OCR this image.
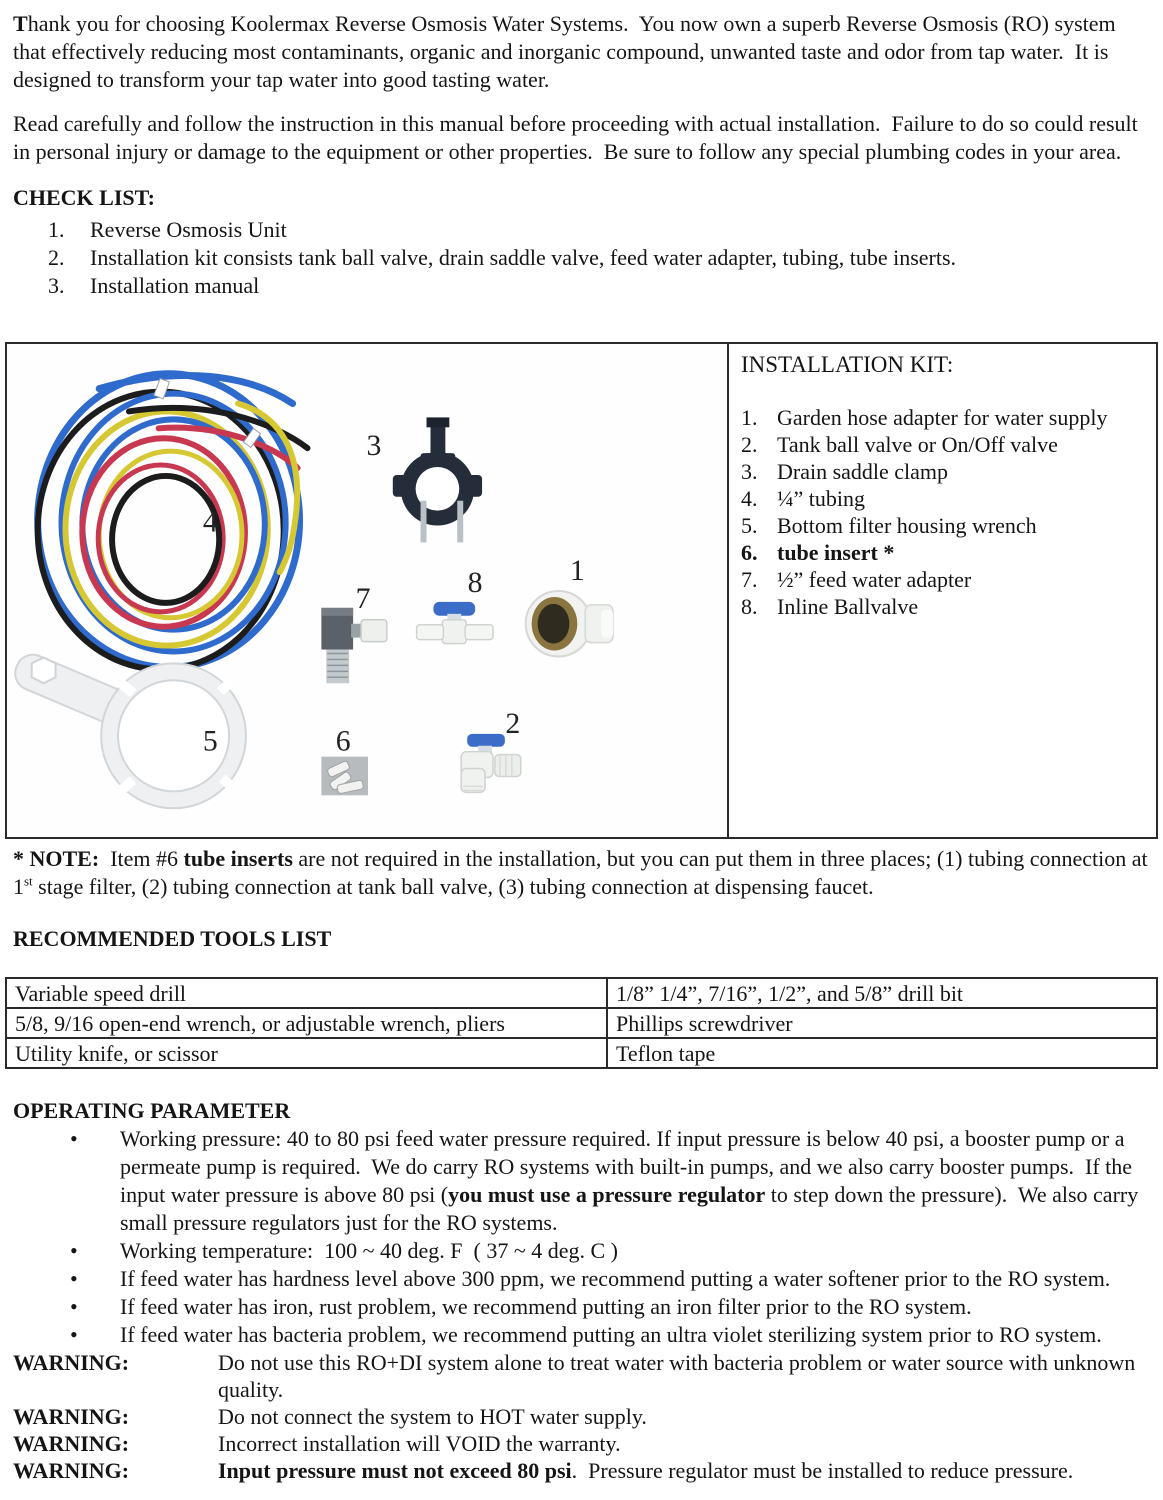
Thank you for choosing Koolermax Reverse Osmosis Water Systems.  You now own a superb Reverse Osmosis (RO) system that effectively reducing most contaminants, organic and inorganic compound, unwanted taste and odor from tap water.  It is designed to transform your tap water into good tasting water.

Read carefully and follow the instruction in this manual before proceeding with actual installation.  Failure to do so could result in personal injury or damage to the equipment or other properties.  Be sure to follow any special plumbing codes in your area.

CHECK LIST:
1.	Reverse Osmosis Unit
2.	Installation kit consists tank ball valve, drain saddle valve, feed water adapter, tubing, tube inserts.
3.	Installation manual
1
2
3
4
5	6
7	8
INSTALLATION KIT:
1. Garden hose adapter for water supply
2. Tank ball valve or On/Off valve
3. Drain saddle clamp
4. ¼” tubing
5. Bottom filter housing wrench
6. tube insert *
7. ½” feed water adapter
8. Inline Ballvalve

* NOTE:  Item #6 tube inserts are not required in the installation, but you can put them in three places; (1) tubing connection at 1st stage filter, (2) tubing connection at tank ball valve, (3) tubing connection at dispensing faucet.

RECOMMENDED TOOLS LIST
Variable speed drill	1/8” 1/4”, 7/16”, 1/2”, and 5/8” drill bit
5/8, 9/16 open-end wrench, or adjustable wrench, pliers	Phillips screwdriver
Utility knife, or scissor	Teflon tape
OPERATING PARAMETER
•	Working pressure: 40 to 80 psi feed water pressure required. If input pressure is below 40 psi, a booster pump or a permeate pump is required.  We do carry RO systems with built-in pumps, and we also carry booster pumps.  If the input water pressure is above 80 psi (you must use a pressure regulator to step down the pressure).  We also carry small pressure regulators just for the RO systems.
•	Working temperature:  100 ~ 40 deg. F  ( 37 ~ 4 deg. C )
•	If feed water has hardness level above 300 ppm, we recommend putting a water softener prior to the RO system.
•	If feed water has iron, rust problem, we recommend putting an iron filter prior to the RO system.
•	If feed water has bacteria problem, we recommend putting an ultra violet sterilizing system prior to RO system.
WARNING:	Do not use this RO+DI system alone to treat water with bacteria problem or water source with unknown quality.
WARNING:	Do not connect the system to HOT water supply.
WARNING:	Incorrect installation will VOID the warranty.
WARNING:	Input pressure must not exceed 80 psi.  Pressure regulator must be installed to reduce pressure.
